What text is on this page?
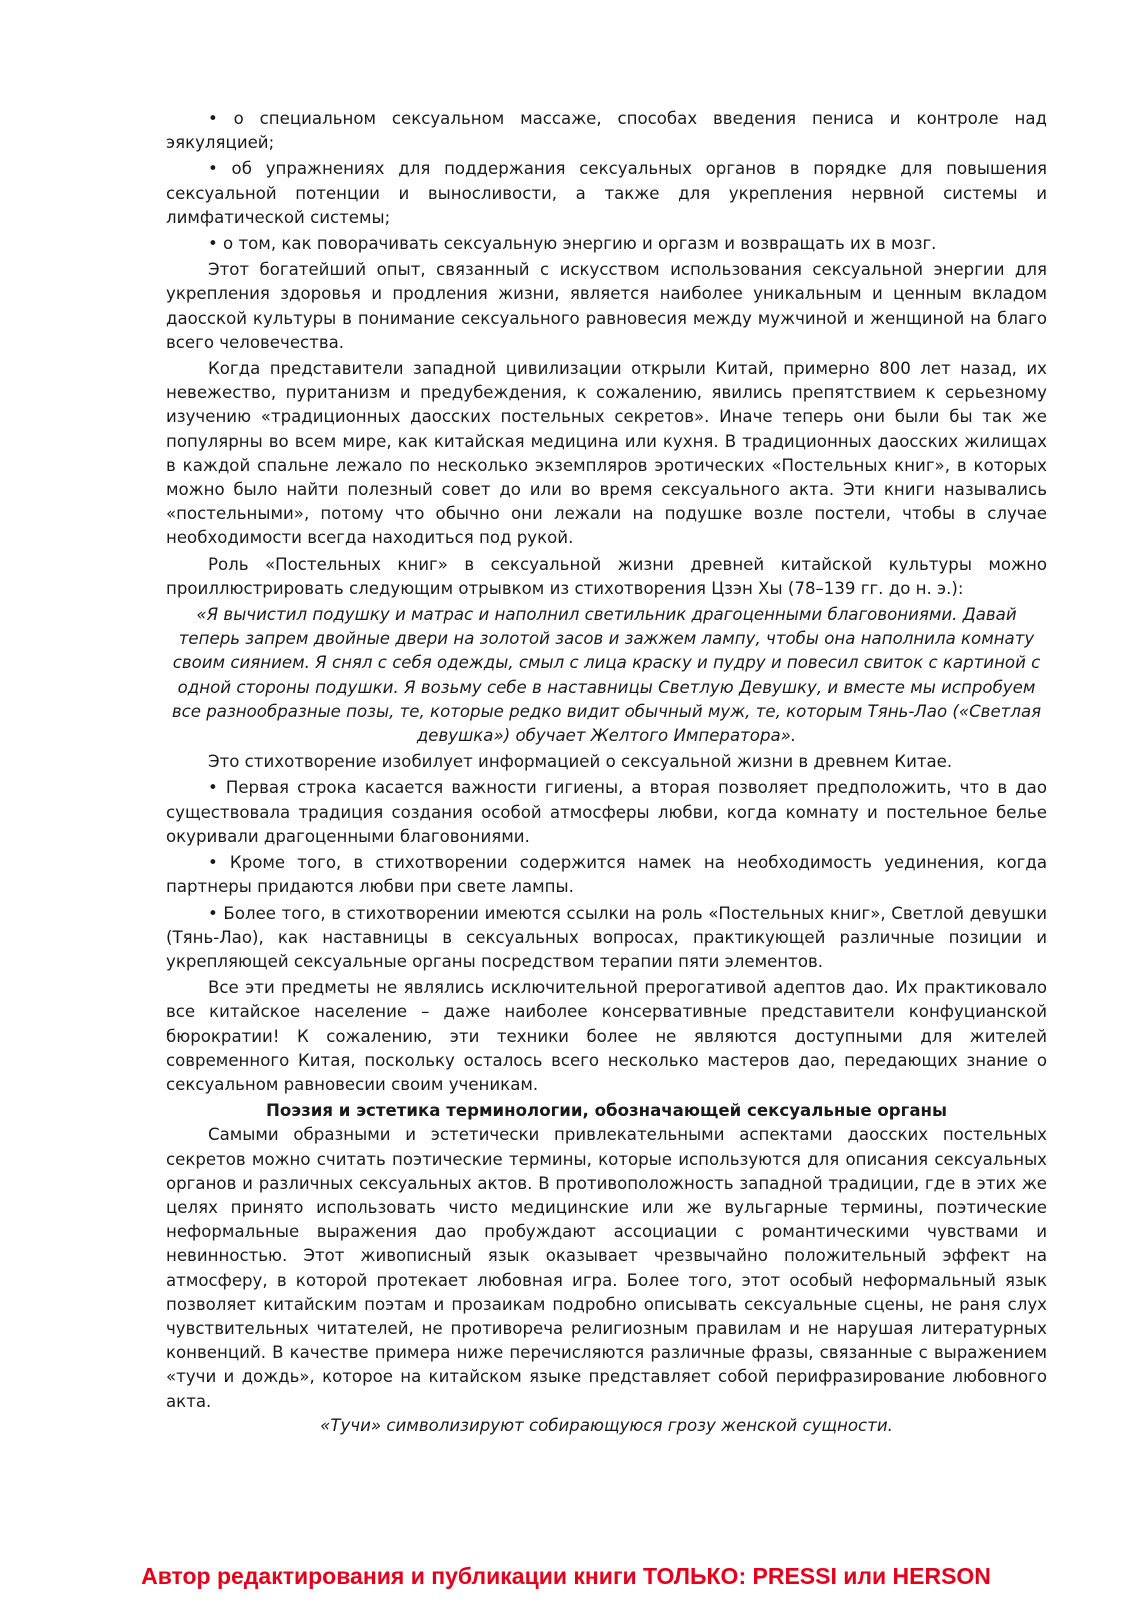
• о специальном сексуальном массаже, способах введения пениса и контроле над эякуляцией;

• об упражнениях для поддержания сексуальных органов в порядке для повышения сексуальной потенции и выносливости, а также для укрепления нервной системы и лимфатической системы;

• о том, как поворачивать сексуальную энергию и оргазм и возвращать их в мозг.

Этот богатейший опыт, связанный с искусством использования сексуальной энергии для укрепления здоровья и продления жизни, является наиболее уникальным и ценным вкладом даосской культуры в понимание сексуального равновесия между мужчиной и женщиной на благо всего человечества.

Когда представители западной цивилизации открыли Китай, примерно 800 лет назад, их невежество, пуританизм и предубеждения, к сожалению, явились препятствием к серьезному изучению «традиционных даосских постельных секретов». Иначе теперь они были бы так же популярны во всем мире, как китайская медицина или кухня. В традиционных даосских жилищах в каждой спальне лежало по несколько экземпляров эротических «Постельных книг», в которых можно было найти полезный совет до или во время сексуального акта. Эти книги назывались «постельными», потому что обычно они лежали на подушке возле постели, чтобы в случае необходимости всегда находиться под рукой.

Роль «Постельных книг» в сексуальной жизни древней китайской культуры можно проиллюстрировать следующим отрывком из стихотворения Цзэн Хы (78–139 гг. до н. э.):

«Я вычистил подушку и матрас и наполнил светильник драгоценными благовониями. Давай теперь запрем двойные двери на золотой засов и зажжем лампу, чтобы она наполнила комнату своим сиянием. Я снял с себя одежды, смыл с лица краску и пудру и повесил свиток с картиной с одной стороны подушки. Я возьму себе в наставницы Светлую Девушку, и вместе мы испробуем все разнообразные позы, те, которые редко видит обычный муж, те, которым Тянь-Лао («Светлая девушка») обучает Желтого Императора».

Это стихотворение изобилует информацией о сексуальной жизни в древнем Китае.

• Первая строка касается важности гигиены, а вторая позволяет предположить, что в дао существовала традиция создания особой атмосферы любви, когда комнату и постельное белье окуривали драгоценными благовониями.

• Кроме того, в стихотворении содержится намек на необходимость уединения, когда партнеры придаются любви при свете лампы.

• Более того, в стихотворении имеются ссылки на роль «Постельных книг», Светлой девушки (Тянь-Лао), как наставницы в сексуальных вопросах, практикующей различные позиции и укрепляющей сексуальные органы посредством терапии пяти элементов.

Все эти предметы не являлись исключительной прерогативой адептов дао. Их практиковало все китайское население – даже наиболее консервативные представители конфуцианской бюрократии! К сожалению, эти техники более не являются доступными для жителей современного Китая, поскольку осталось всего несколько мастеров дао, передающих знание о сексуальном равновесии своим ученикам.

Поэзия и эстетика терминологии, обозначающей сексуальные органы

Самыми образными и эстетически привлекательными аспектами даосских постельных секретов можно считать поэтические термины, которые используются для описания сексуальных органов и различных сексуальных актов. В противоположность западной традиции, где в этих же целях принято использовать чисто медицинские или же вульгарные термины, поэтические неформальные выражения дао пробуждают ассоциации с романтическими чувствами и невинностью. Этот живописный язык оказывает чрезвычайно положительный эффект на атмосферу, в которой протекает любовная игра. Более того, этот особый неформальный язык позволяет китайским поэтам и прозаикам подробно описывать сексуальные сцены, не раня слух чувствительных читателей, не противореча религиозным правилам и не нарушая литературных конвенций. В качестве примера ниже перечисляются различные фразы, связанные с выражением «тучи и дождь», которое на китайском языке представляет собой перифразирование любовного акта.

«Тучи» символизируют собирающуюся грозу женской сущности.

Автор редактирования и публикации книги ТОЛЬКО: PRESSI или HERSON
